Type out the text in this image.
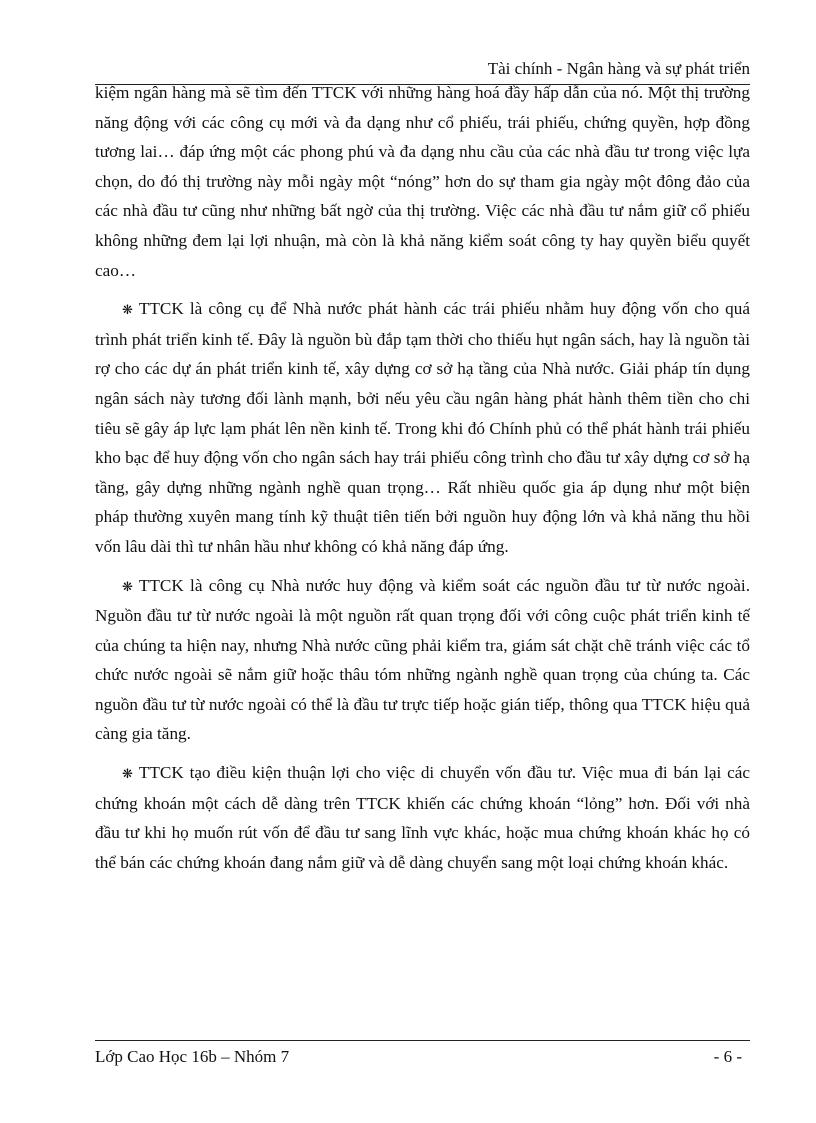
Tài chính - Ngân hàng và sự phát triển

kiệm ngân hàng mà sẽ tìm đến TTCK với những hàng hoá đầy hấp dẫn của nó. Một thị trường năng động với các công cụ mới và đa dạng như cổ phiếu, trái phiếu, chứng quyền, hợp đồng tương lai… đáp ứng một các phong phú và đa dạng nhu cầu của các nhà đầu tư trong việc lựa chọn, do đó thị trường này mỗi ngày một “nóng” hơn do sự tham gia ngày một đông đảo của các nhà đầu tư cũng như những bất ngờ của thị trường. Việc các nhà đầu tư nắm giữ cổ phiếu không những đem lại lợi nhuận, mà còn là khả năng kiểm soát công ty hay quyền biểu quyết cao…

❋ TTCK là công cụ để Nhà nước phát hành các trái phiếu nhằm huy động vốn cho quá trình phát triển kinh tế. Đây là nguồn bù đắp tạm thời cho thiếu hụt ngân sách, hay là nguồn tài rợ cho các dự án phát triển kinh tế, xây dựng cơ sở hạ tầng của Nhà nước. Giải pháp tín dụng ngân sách này tương đối lành mạnh, bởi nếu yêu cầu ngân hàng phát hành thêm tiền cho chi tiêu sẽ gây áp lực lạm phát lên nền kinh tế. Trong khi đó Chính phủ có thể phát hành trái phiếu kho bạc để huy động vốn cho ngân sách hay trái phiếu công trình cho đầu tư xây dựng cơ sở hạ tầng, gây dựng những ngành nghề quan trọng… Rất nhiều quốc gia áp dụng như một biện pháp thường xuyên mang tính kỹ thuật tiên tiến bởi nguồn huy động lớn và khả năng thu hồi vốn lâu dài thì tư nhân hầu như không có khả năng đáp ứng.

❋ TTCK là công cụ Nhà nước huy động và kiểm soát các nguồn đầu tư từ nước ngoài. Nguồn đầu tư từ nước ngoài là một nguồn rất quan trọng đối với công cuộc phát triển kinh tế của chúng ta hiện nay, nhưng Nhà nước cũng phải kiểm tra, giám sát chặt chẽ tránh việc các tổ chức nước ngoài sẽ nắm giữ hoặc thâu tóm những ngành nghề quan trọng của chúng ta. Các nguồn đầu tư từ nước ngoài có thể là đầu tư trực tiếp hoặc gián tiếp, thông qua TTCK hiệu quả càng gia tăng.

❋ TTCK tạo điều kiện thuận lợi cho việc di chuyển vốn đầu tư. Việc mua đi bán lại các chứng khoán một cách dễ dàng trên TTCK khiến các chứng khoán “lỏng” hơn. Đối với nhà đầu tư khi họ muốn rút vốn để đầu tư sang lĩnh vực khác, hoặc mua chứng khoán khác họ có thể bán các chứng khoán đang nắm giữ và dễ dàng chuyển sang một loại chứng khoán khác.

Lớp Cao Học 16b – Nhóm 7	- 6 -
